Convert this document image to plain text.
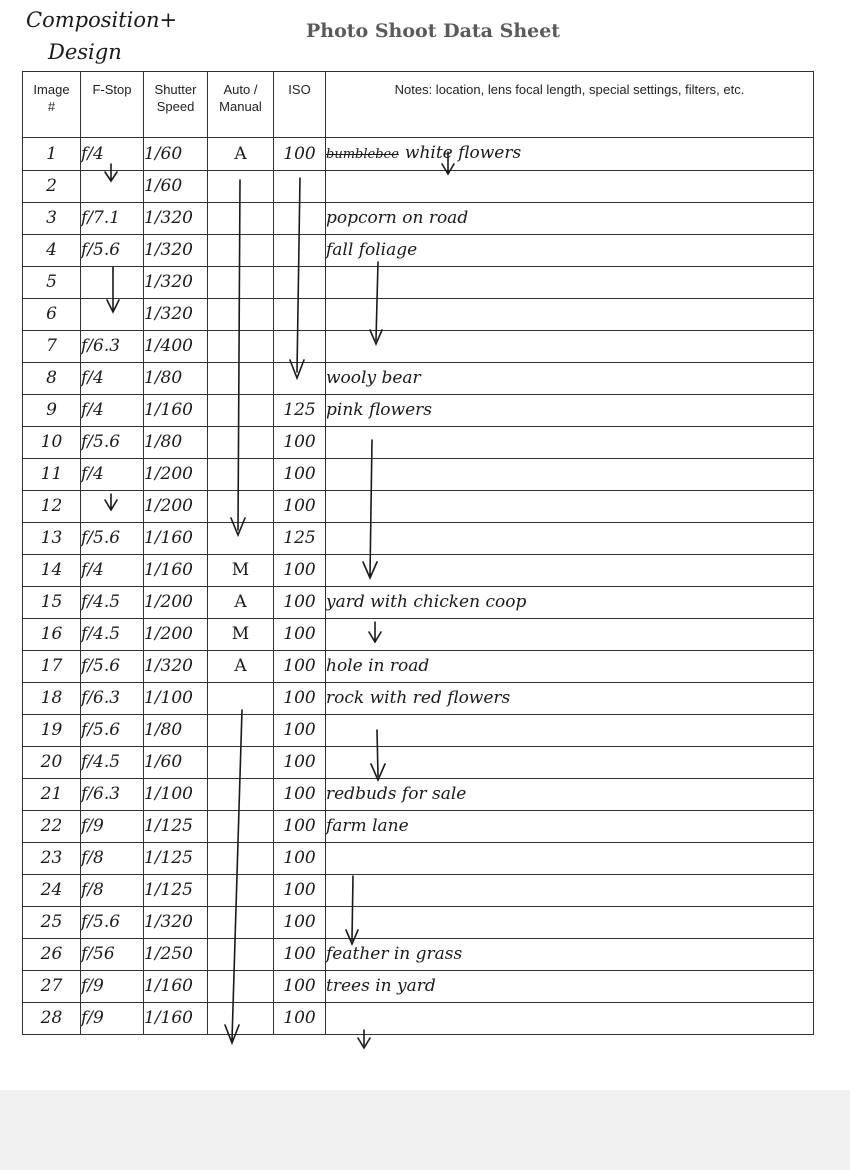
Composition+
Design
Photo Shoot Data Sheet
Image #	F-Stop	Shutter Speed	Auto / Manual	ISO	Notes: location, lens focal length, special settings, filters, etc.
1	f/4	1/60	A	100	bumblebee white flowers
2		1/60			
3	f/7.1	1/320			popcorn on road
4	f/5.6	1/320			fall foliage
5		1/320			
6		1/320			
7	f/6.3	1/400			
8	f/4	1/80			wooly bear
9	f/4	1/160		125	pink flowers
10	f/5.6	1/80		100	
11	f/4	1/200		100	
12		1/200		100	
13	f/5.6	1/160		125	
14	f/4	1/160	M	100	
15	f/4.5	1/200	A	100	yard with chicken coop
16	f/4.5	1/200	M	100	
17	f/5.6	1/320	A	100	hole in road
18	f/6.3	1/100		100	rock with red flowers
19	f/5.6	1/80		100	
20	f/4.5	1/60		100	
21	f/6.3	1/100		100	redbuds for sale
22	f/9	1/125		100	farm lane
23	f/8	1/125		100	
24	f/8	1/125		100	
25	f/5.6	1/320		100	
26	f/56	1/250		100	feather in grass
27	f/9	1/160		100	trees in yard
28	f/9	1/160		100	
